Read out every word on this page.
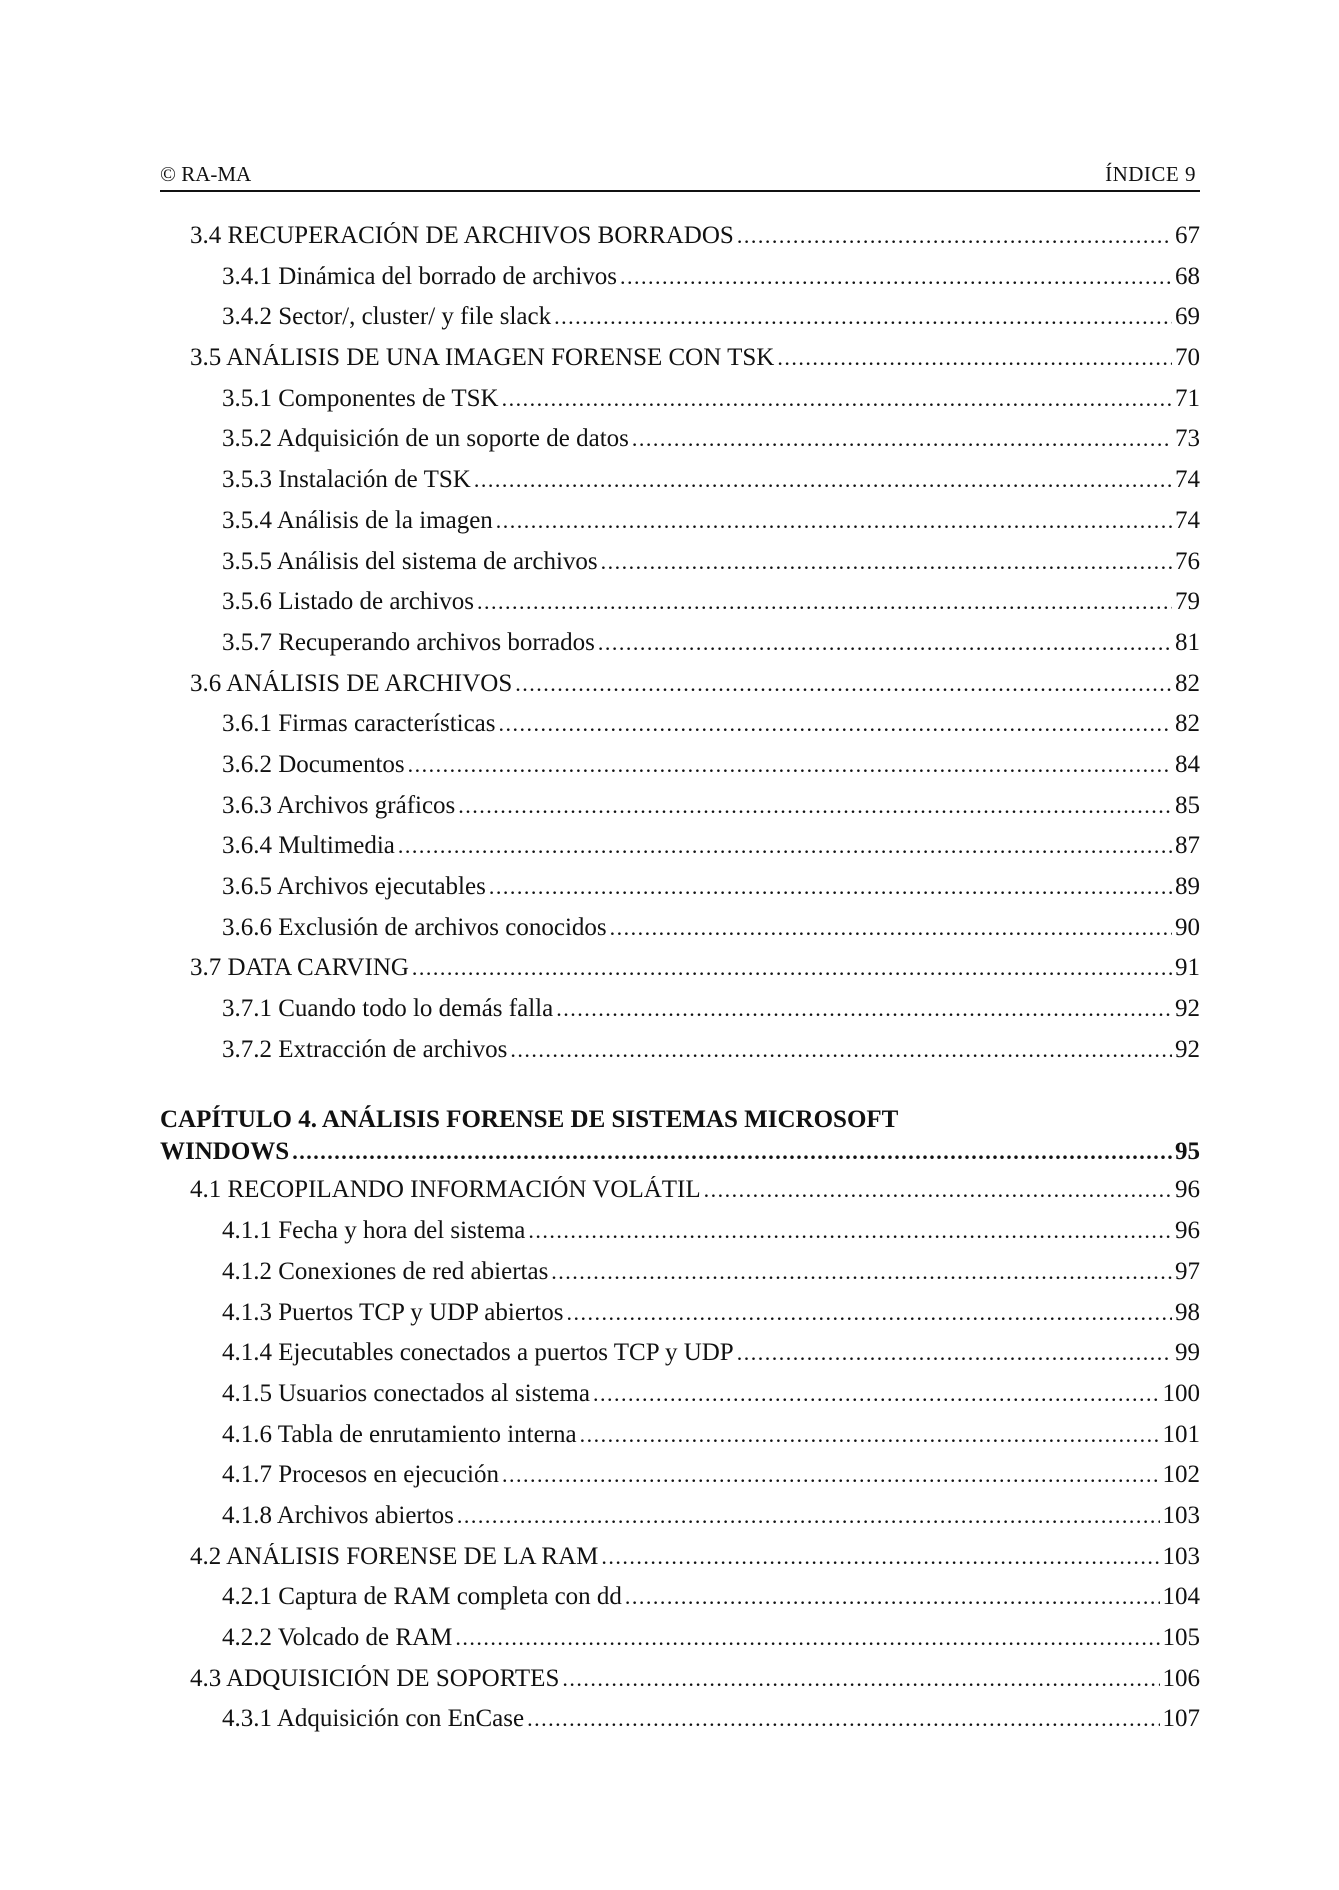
© RA-MA	ÍNDICE 9
3.4 RECUPERACIÓN DE ARCHIVOS BORRADOS .....	67
3.4.1 Dinámica del borrado de archivos .....	68
3.4.2 Sector/, cluster/ y file slack .....	69
3.5 ANÁLISIS DE UNA IMAGEN FORENSE CON TSK .....	70
3.5.1 Componentes de TSK .....	71
3.5.2 Adquisición de un soporte de datos .....	73
3.5.3 Instalación de TSK .....	74
3.5.4 Análisis de la imagen .....	74
3.5.5 Análisis del sistema de archivos .....	76
3.5.6 Listado de archivos .....	79
3.5.7 Recuperando archivos borrados .....	81
3.6 ANÁLISIS DE ARCHIVOS .....	82
3.6.1 Firmas características .....	82
3.6.2 Documentos .....	84
3.6.3 Archivos gráficos .....	85
3.6.4 Multimedia .....	87
3.6.5 Archivos ejecutables .....	89
3.6.6 Exclusión de archivos conocidos .....	90
3.7 DATA CARVING .....	91
3.7.1 Cuando todo lo demás falla .....	92
3.7.2 Extracción de archivos .....	92
CAPÍTULO 4. ANÁLISIS FORENSE DE SISTEMAS MICROSOFT
WINDOWS .....	95
4.1 RECOPILANDO INFORMACIÓN VOLÁTIL .....	96
4.1.1 Fecha y hora del sistema .....	96
4.1.2 Conexiones de red abiertas .....	97
4.1.3 Puertos TCP y UDP abiertos .....	98
4.1.4 Ejecutables conectados a puertos TCP y UDP .....	99
4.1.5 Usuarios conectados al sistema .....	100
4.1.6 Tabla de enrutamiento interna .....	101
4.1.7 Procesos en ejecución .....	102
4.1.8 Archivos abiertos .....	103
4.2 ANÁLISIS FORENSE DE LA RAM .....	103
4.2.1 Captura de RAM completa con dd .....	104
4.2.2 Volcado de RAM .....	105
4.3 ADQUISICIÓN DE SOPORTES .....	106
4.3.1 Adquisición con EnCase .....	107
